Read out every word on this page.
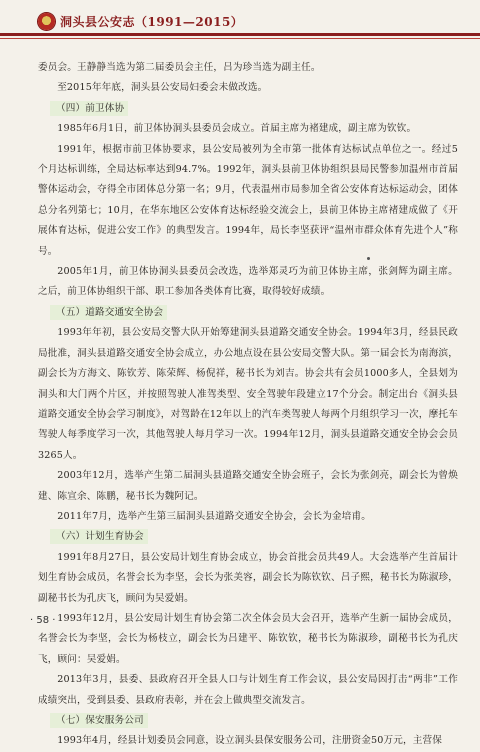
洞头县公安志（1991—2015）

委员会。王静静当选为第二届委员会主任，吕为珍当选为副主任。

至2015年年底，洞头县公安局妇委会未做改选。

（四）前卫体协

1985年6月1日，前卫体协洞头县委员会成立。首届主席为褚建成，副主席为钦钦。

1991年，根据市前卫体协要求，县公安局被列为全市第一批体育达标试点单位之一。经过5个月达标训练，全局达标率达到94.7%。1992年，洞头县前卫体协组织县局民警参加温州市首届警体运动会，夺得全市团体总分第一名；9月，代表温州市局参加全省公安体育达标运动会，团体总分名列第七；10月，在华东地区公安体育达标经验交流会上，县前卫体协主席褚建成做了《开展体育达标，促进公安工作》的典型发言。1994年，局长李坚获评“温州市群众体育先进个人”称号。

2005年1月，前卫体协洞头县委员会改选，选举郑灵巧为前卫体协主席，张剑辉为副主席。之后，前卫体协组织干部、职工参加各类体育比赛，取得较好成绩。

（五）道路交通安全协会

1993年年初，县公安局交警大队开始筹建洞头县道路交通安全协会。1994年3月，经县民政局批准，洞头县道路交通安全协会成立，办公地点设在县公安局交警大队。第一届会长为南海滨，副会长为方海文、陈钦芳、陈荣辉、杨倪祥，秘书长为刘吉。协会共有会员1000多人，全县划为洞头和大门两个片区，并按照驾驶人准驾类型、安全驾驶年段建立17个分会。制定出台《洞头县道路交通安全协会学习制度》，对驾龄在12年以上的汽车类驾驶人每两个月组织学习一次，摩托车驾驶人每季度学习一次，其他驾驶人每月学习一次。1994年12月，洞头县道路交通安全协会会员3265人。

2003年12月，选举产生第二届洞头县道路交通安全协会班子，会长为张剑亮，副会长为曾焕建、陈宣余、陈鹏，秘书长为魏阿记。

2011年7月，选举产生第三届洞头县道路交通安全协会，会长为金培甫。

（六）计划生育协会

1991年8月27日，县公安局计划生育协会成立，协会首批会员共49人。大会选举产生首届计划生育协会成员，名誉会长为李坚，会长为张美容，副会长为陈钦钦、吕子熙，秘书长为陈淑珍，副秘书长为孔庆飞，顾问为吴爱娟。

1993年12月，县公安局计划生育协会第二次全体会员大会召开，选举产生新一届协会成员，名誉会长为李坚，会长为杨枝立，副会长为吕建平、陈钦钦，秘书长为陈淑珍，副秘书长为孔庆飞，顾问：吴爱娟。

2013年3月，县委、县政府召开全县人口与计划生育工作会议，县公安局因打击“两非”工作成绩突出，受到县委、县政府表彰，并在会上做典型交流发言。

（七）保安服务公司

1993年4月，经县计划委员会同意，设立洞头县保安服务公司，注册资金50万元，主营保

· 58 ·
